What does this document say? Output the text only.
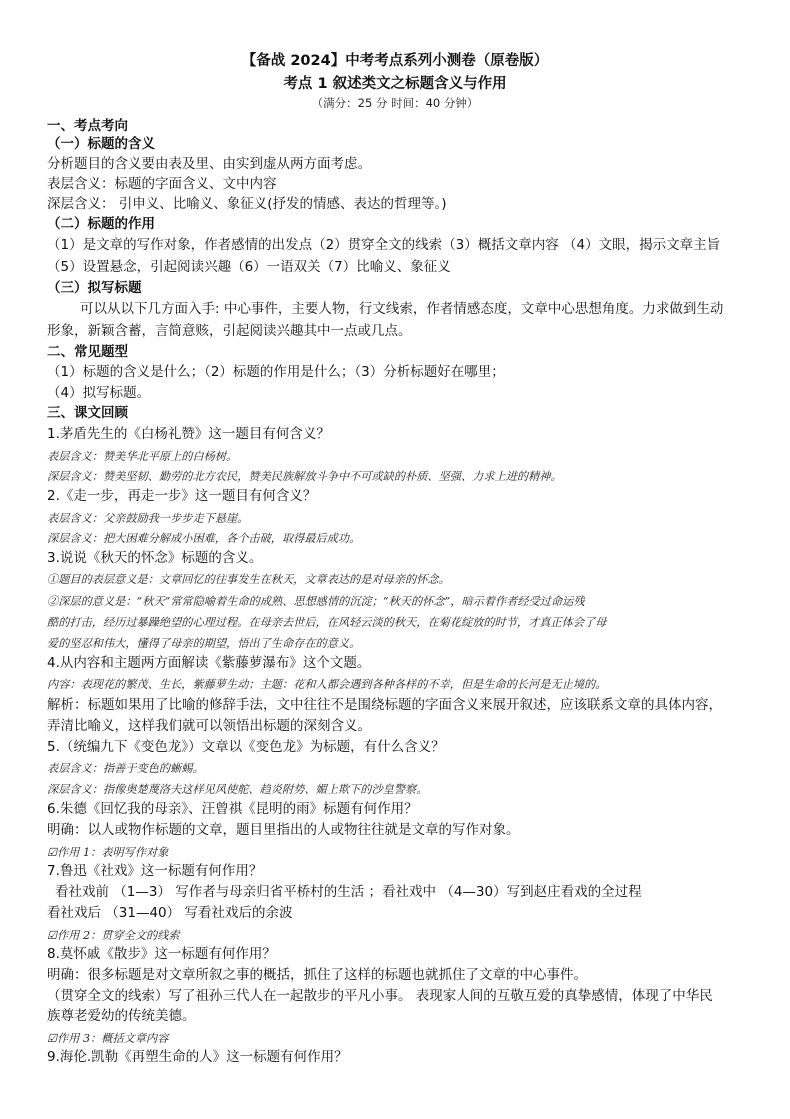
【备战 2024】中考考点系列小测卷（原卷版）
考点 1 叙述类文之标题含义与作用
（满分：25 分 时间：40 分钟）
一、考点考向
（一）标题的含义
分析题目的含义要由表及里、由实到虚从两方面考虑。
表层含义：标题的字面含义、文中内容
深层含义： 引申义、比喻义、象征义(抒发的情感、表达的哲理等。)
（二）标题的作用
（1）是文章的写作对象，作者感情的出发点（2）贯穿全文的线索（3）概括文章内容 （4）文眼，揭示文章主旨
（5）设置悬念，引起阅读兴趣（6）一语双关（7）比喻义、象征义
（三）拟写标题
可以从以下几方面入手: 中心事件，主要人物，行文线索，作者情感态度，文章中心思想角度。力求做到生动
形象，新颖含蓄，言简意赅，引起阅读兴趣其中一点或几点。
二、常见题型
（1）标题的含义是什么；（2）标题的作用是什么；（3）分析标题好在哪里；
（4）拟写标题。
三、课文回顾
1.茅盾先生的《白杨礼赞》这一题目有何含义？
表层含义：赞美华北平原上的白杨树。
深层含义：赞美坚韧、勤劳的北方农民，赞美民族解放斗争中不可或缺的朴质、坚强、力求上进的精神。
2.《走一步，再走一步》这一题目有何含义？
表层含义：父亲鼓励我一步步走下悬崖。
深层含义：把大困难分解成小困难，各个击破，取得最后成功。
3.说说《秋天的怀念》标题的含义。
①题目的表层意义是：文章回忆的往事发生在秋天，文章表达的是对母亲的怀念。
②深层的意义是：“秋天”常常隐喻着生命的成熟、思想感情的沉淀；“秋天的怀念”，暗示着作者经受过命运残
酷的打击，经历过暴躁绝望的心理过程。在母亲去世后，在风轻云淡的秋天，在菊花绽放的时节，才真正体会了母
爱的坚忍和伟大，懂得了母亲的期望，悟出了生命存在的意义。
4.从内容和主题两方面解读《紫藤萝瀑布》这个文题。
内容：表现花的繁茂、生长，紫藤萝生动；主题：花和人都会遇到各种各样的不幸，但是生命的长河是无止境的。
解析：标题如果用了比喻的修辞手法，文中往往不是围绕标题的字面含义来展开叙述，应该联系文章的具体内容，
弄清比喻义，这样我们就可以领悟出标题的深刻含义。
5.（统编九下《变色龙》）文章以《变色龙》为标题，有什么含义？
表层含义：指善于变色的蜥蜴。
深层含义：指像奥楚蔑洛夫这样见风使舵、趋炎附势、媚上欺下的沙皇警察。
6.朱德《回忆我的母亲》、汪曾祺《昆明的雨》标题有何作用？
明确：以人或物作标题的文章，题目里指出的人或物往往就是文章的写作对象。
☑作用 1：表明写作对象
7.鲁迅《社戏》这一标题有何作用？
看社戏前 （1—3） 写作者与母亲归省平桥村的生活 ；看社戏中 （4—30）写到赵庄看戏的全过程
看社戏后 （31—40） 写看社戏后的余波
☑作用 2：贯穿全文的线索
8.莫怀戚《散步》这一标题有何作用？
明确：很多标题是对文章所叙之事的概括，抓住了这样的标题也就抓住了文章的中心事件。
（贯穿全文的线索）写了祖孙三代人在一起散步的平凡小事。 表现家人间的互敬互爱的真挚感情，体现了中华民
族尊老爱幼的传统美德。
☑作用 3：概括文章内容
9.海伦.凯勒《再塑生命的人》这一标题有何作用？
